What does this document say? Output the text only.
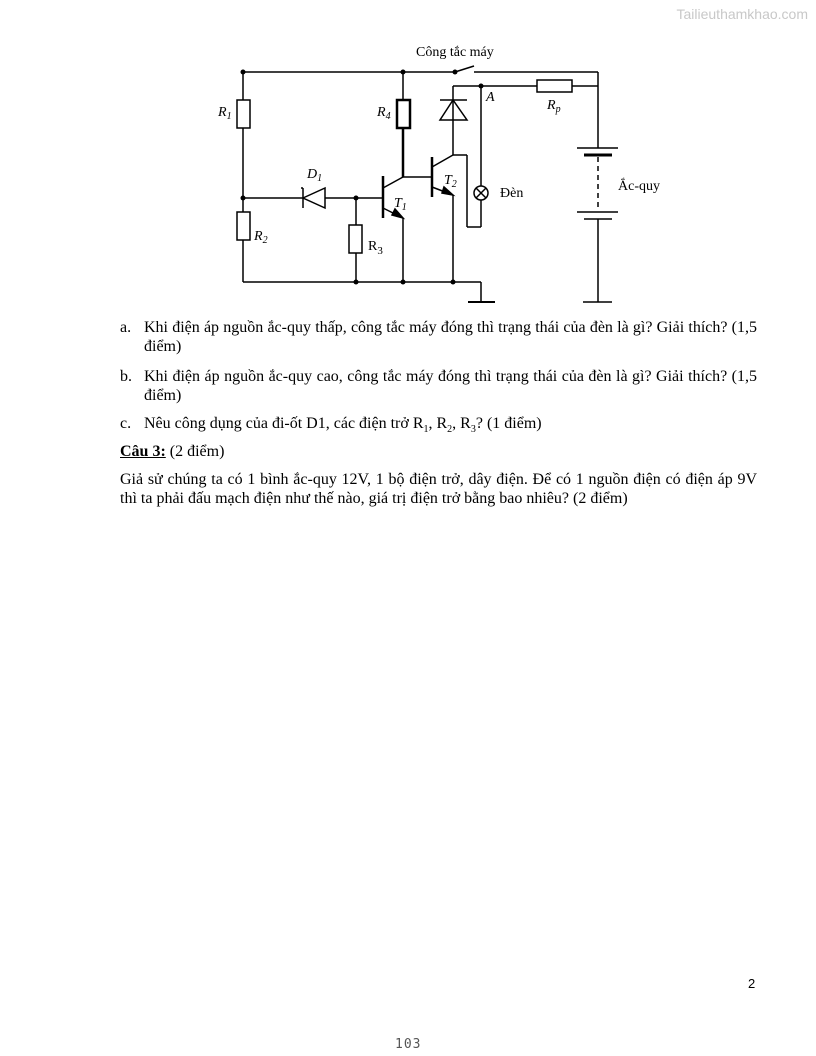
Tailieuthamkhao.com
Công tắc máy
$R_1$
$R_2$	$R_3$
$R_4$
$R_p$
$D_1$
$T_1$
$T_2$
A
Đèn	Ắc-quy
a. Khi điện áp nguồn ắc-quy thấp, công tắc máy đóng thì trạng thái của đèn là gì? Giải thích? (1,5 điểm)
b. Khi điện áp nguồn ắc-quy cao, công tắc máy đóng thì trạng thái của đèn là gì? Giải thích? (1,5 điểm)
c. Nêu công dụng của đi-ốt D1, các điện trở $R_1$, $R_2$, $R_3$? (1 điểm)
Câu 3: (2 điểm)
Giả sử chúng ta có 1 bình ắc-quy 12V, 1 bộ điện trở, dây điện. Để có 1 nguồn điện có điện áp 9V thì ta phải đấu mạch điện như thế nào, giá trị điện trở bằng bao nhiêu? (2 điểm)
2
103
